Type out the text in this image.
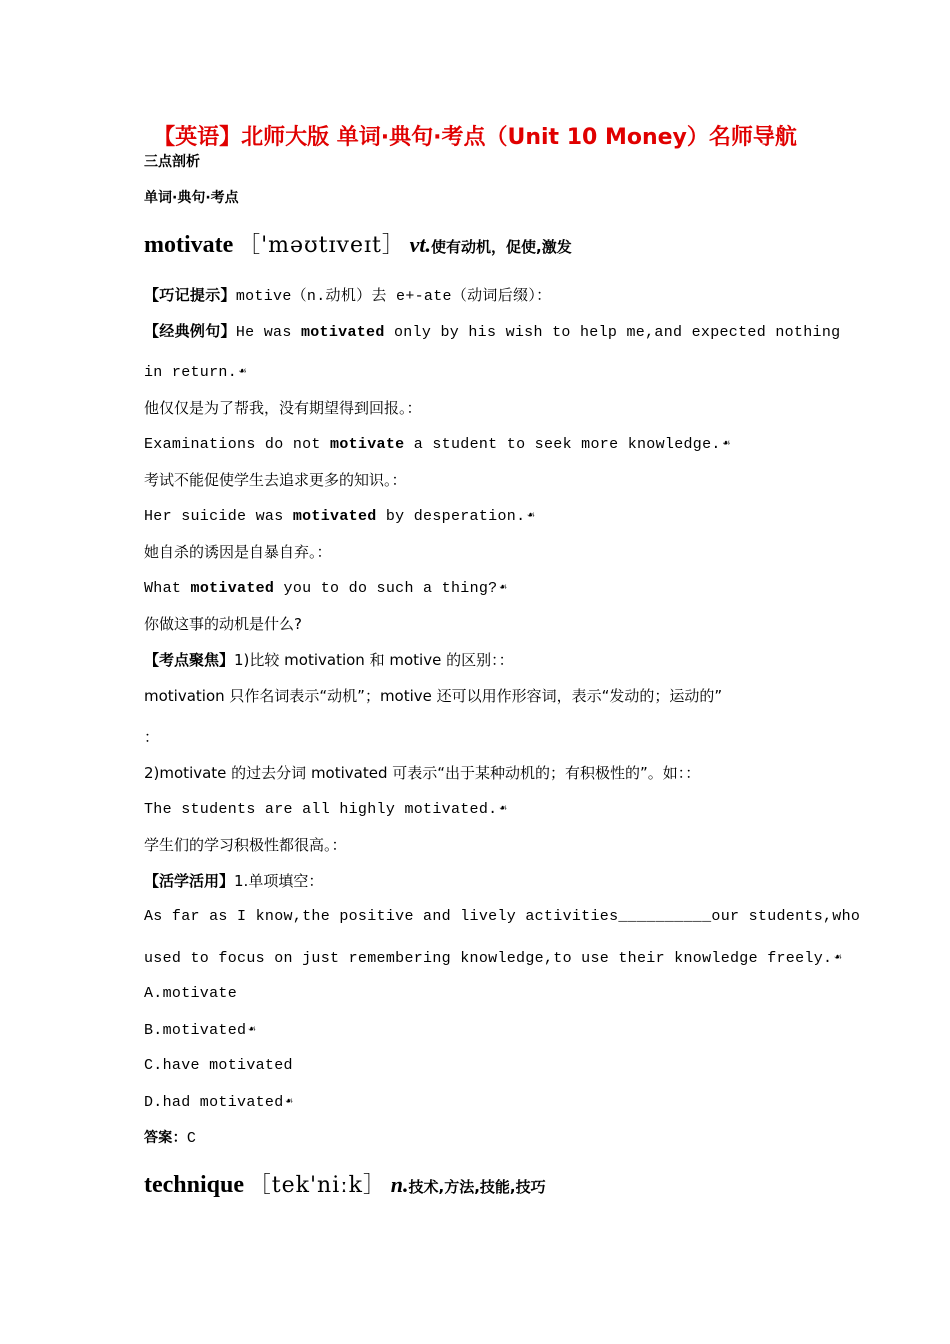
【英语】北师大版 单词·典句·考点（Unit 10 Money）名师导航
三点剖析
单词·典句·考点
motivate ［'məʊtɪveɪt］ vt.使有动机，促使,激发
【巧记提示】motive（n.动机）去 e+-ate（动词后缀）：
【经典例句】He was motivated only by his wish to help me,and expected nothing
in return. ☙
他仅仅是为了帮我，没有期望得到回报。：
Examinations do not motivate a student to seek more knowledge. ☙
考试不能促使学生去追求更多的知识。：
Her suicide was motivated by desperation. ☙
她自杀的诱因是自暴自弃。：
What motivated you to do such a thing? ☙
你做这事的动机是什么?
【考点聚焦】1)比较 motivation 和 motive 的区别：：
motivation 只作名词表示“动机”；motive 还可以用作形容词，表示“发动的；运动的”
：
2)motivate 的过去分词 motivated 可表示“出于某种动机的；有积极性的”。如：：
The students are all highly motivated. ☙
学生们的学习积极性都很高。：
【活学活用】1.单项填空：
As far as I know,the positive and lively activities__________our students,who
used to focus on just remembering knowledge,to use their knowledge freely. ☙
A.motivate
B.motivated ☙
C.have motivated
D.had motivated ☙
答案：C
technique ［tek'niːk］ n.技术,方法,技能,技巧
